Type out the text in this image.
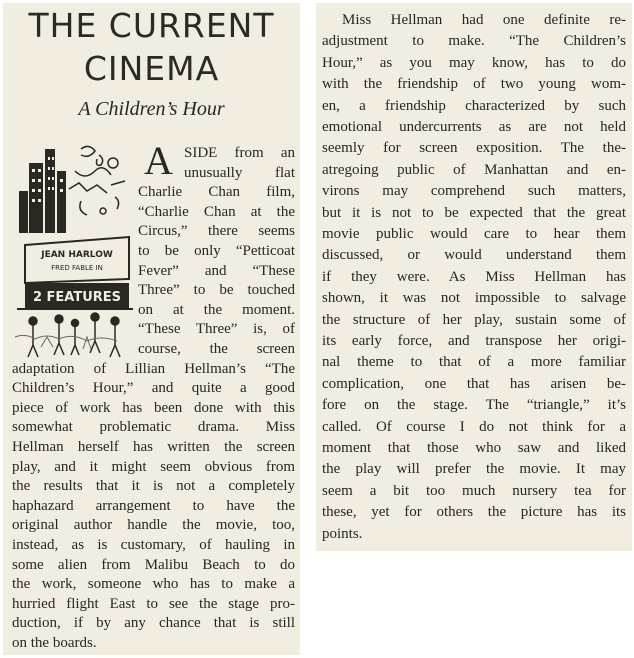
THE CURRENT
CINEMA

A Children’s Hour

JEAN HARLOW
FRED FABLE IN
2 FEATURES

A SIDE from an

unusually flat

Charlie Chan film,

“Charlie Chan at the

Circus,” there seems

to be only “Petticoat

Fever” and “These

Three” to be touched

on at the moment.

“These Three” is, of

course, the screen

adaptation of Lillian Hellman’s “The

Children’s Hour,” and quite a good

piece of work has been done with this

somewhat problematic drama. Miss

Hellman herself has written the screen

play, and it might seem obvious from

the results that it is not a completely

haphazard arrangement to have the

original author handle the movie, too,

instead, as is customary, of hauling in

some alien from Malibu Beach to do

the work, someone who has to make a

hurried flight East to see the stage pro-

duction, if by any chance that is still

on the boards.

Miss Hellman had one definite re-

adjustment to make. “The Children’s

Hour,” as you may know, has to do

with the friendship of two young wom-

en, a friendship characterized by such

emotional undercurrents as are not held

seemly for screen exposition. The the-

atregoing public of Manhattan and en-

virons may comprehend such matters,

but it is not to be expected that the great

movie public would care to hear them

discussed, or would understand them

if they were. As Miss Hellman has

shown, it was not impossible to salvage

the structure of her play, sustain some of

its early force, and transpose her origi-

nal theme to that of a more familiar

complication, one that has arisen be-

fore on the stage. The “triangle,” it’s

called. Of course I do not think for a

moment that those who saw and liked

the play will prefer the movie. It may

seem a bit too much nursery tea for

these, yet for others the picture has its

points.
